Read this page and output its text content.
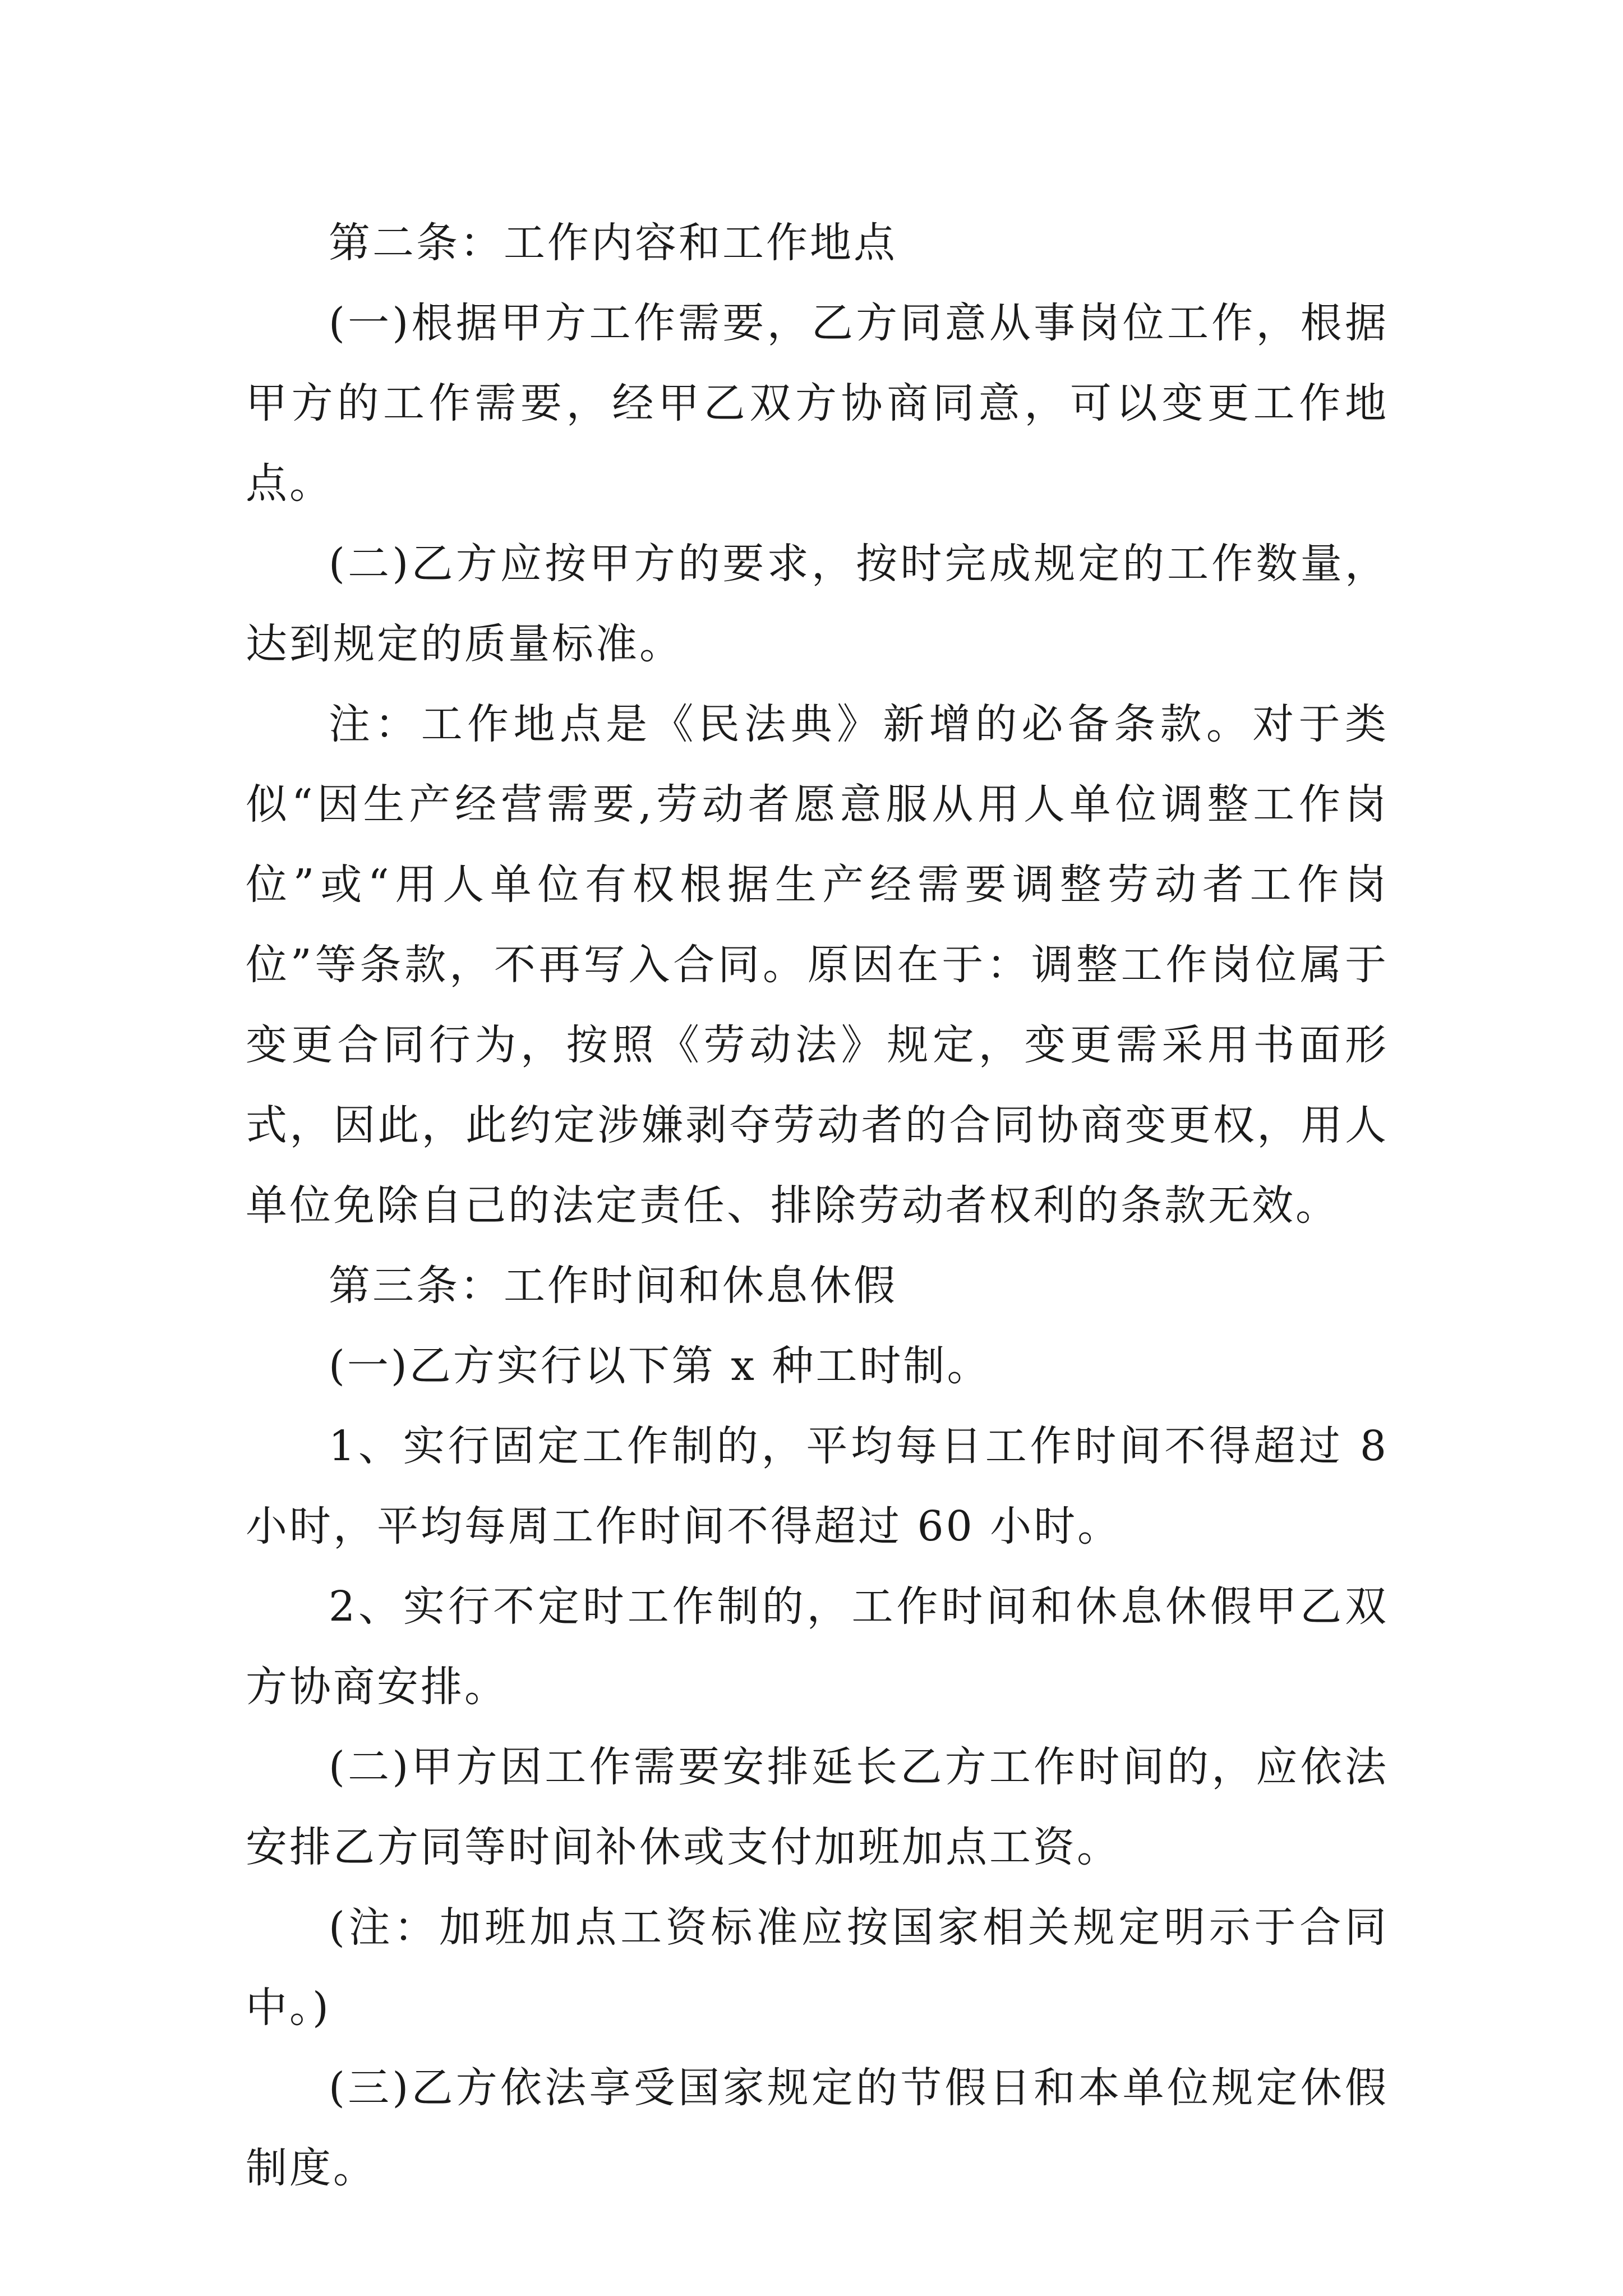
第二条：工作内容和工作地点

(一)根据甲方工作需要，乙方同意从事岗位工作，根据甲方的工作需要，经甲乙双方协商同意，可以变更工作地点。

(二)乙方应按甲方的要求，按时完成规定的工作数量，达到规定的质量标准。

注：工作地点是《民法典》新增的必备条款。对于类似“因生产经营需要,劳动者愿意服从用人单位调整工作岗位”或“用人单位有权根据生产经需要调整劳动者工作岗位”等条款，不再写入合同。原因在于：调整工作岗位属于变更合同行为，按照《劳动法》规定，变更需采用书面形式，因此，此约定涉嫌剥夺劳动者的合同协商变更权，用人单位免除自己的法定责任、排除劳动者权利的条款无效。

第三条：工作时间和休息休假

(一)乙方实行以下第 x 种工时制。

1、实行固定工作制的，平均每日工作时间不得超过 8 小时，平均每周工作时间不得超过 60 小时。

2、实行不定时工作制的，工作时间和休息休假甲乙双方协商安排。

(二)甲方因工作需要安排延长乙方工作时间的，应依法安排乙方同等时间补休或支付加班加点工资。

(注：加班加点工资标准应按国家相关规定明示于合同中。)

(三)乙方依法享受国家规定的节假日和本单位规定休假制度。
